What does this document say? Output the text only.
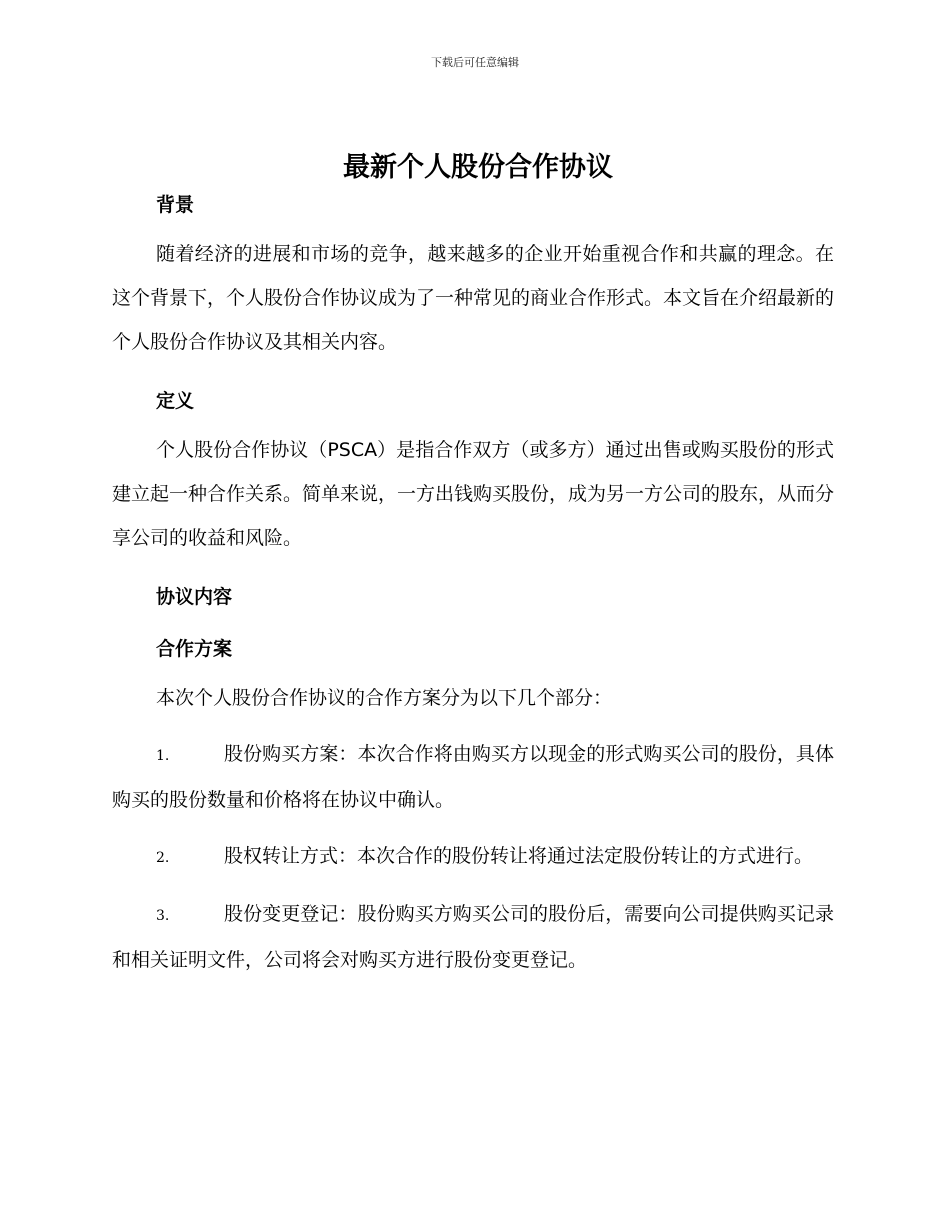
下载后可任意编辑
最新个人股份合作协议
背景

随着经济的进展和市场的竞争，越来越多的企业开始重视合作和共赢的理念。在这个背景下，个人股份合作协议成为了一种常见的商业合作形式。本文旨在介绍最新的个人股份合作协议及其相关内容。

定义

个人股份合作协议（PSCA）是指合作双方（或多方）通过出售或购买股份的形式建立起一种合作关系。简单来说，一方出钱购买股份，成为另一方公司的股东，从而分享公司的收益和风险。

协议内容
合作方案

本次个人股份合作协议的合作方案分为以下几个部分：

1.	股份购买方案：本次合作将由购买方以现金的形式购买公司的股份，具体购买的股份数量和价格将在协议中确认。

2.	股权转让方式：本次合作的股份转让将通过法定股份转让的方式进行。

3.	股份变更登记：股份购买方购买公司的股份后，需要向公司提供购买记录和相关证明文件，公司将会对购买方进行股份变更登记。
